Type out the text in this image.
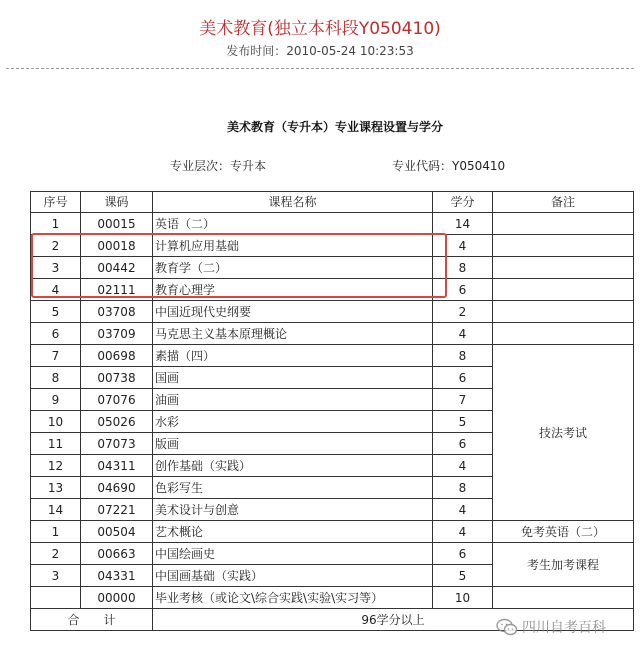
美术教育(独立本科段Y050410)
发布时间：2010-05-24 10:23:53
美术教育（专升本）专业课程设置与学分
专业层次：专升本	专业代码：Y050410
序号	课码	课程名称	学分	备注
1	00015	英语（二）	14	
2	00018	计算机应用基础	4	
3	00442	教育学（二）	8	
4	02111	教育心理学	6	
5	03708	中国近现代史纲要	2	
6	03709	马克思主义基本原理概论	4	
7	00698	素描（四）	8	技法考试
8	00738	国画	6	
9	07076	油画	7	
10	05026	水彩	5	
11	07073	版画	6	
12	04311	创作基础（实践）	4	
13	04690	色彩写生	8	
14	07221	美术设计与创意	4	
1	00504	艺术概论	4	免考英语（二）
2	00663	中国绘画史	6	考生加考课程
3	04331	中国画基础（实践）	5	
	00000	毕业考核（或论文\综合实践\实验\实习等）	10	
合　　计		96学分以上		
四川自考百科
